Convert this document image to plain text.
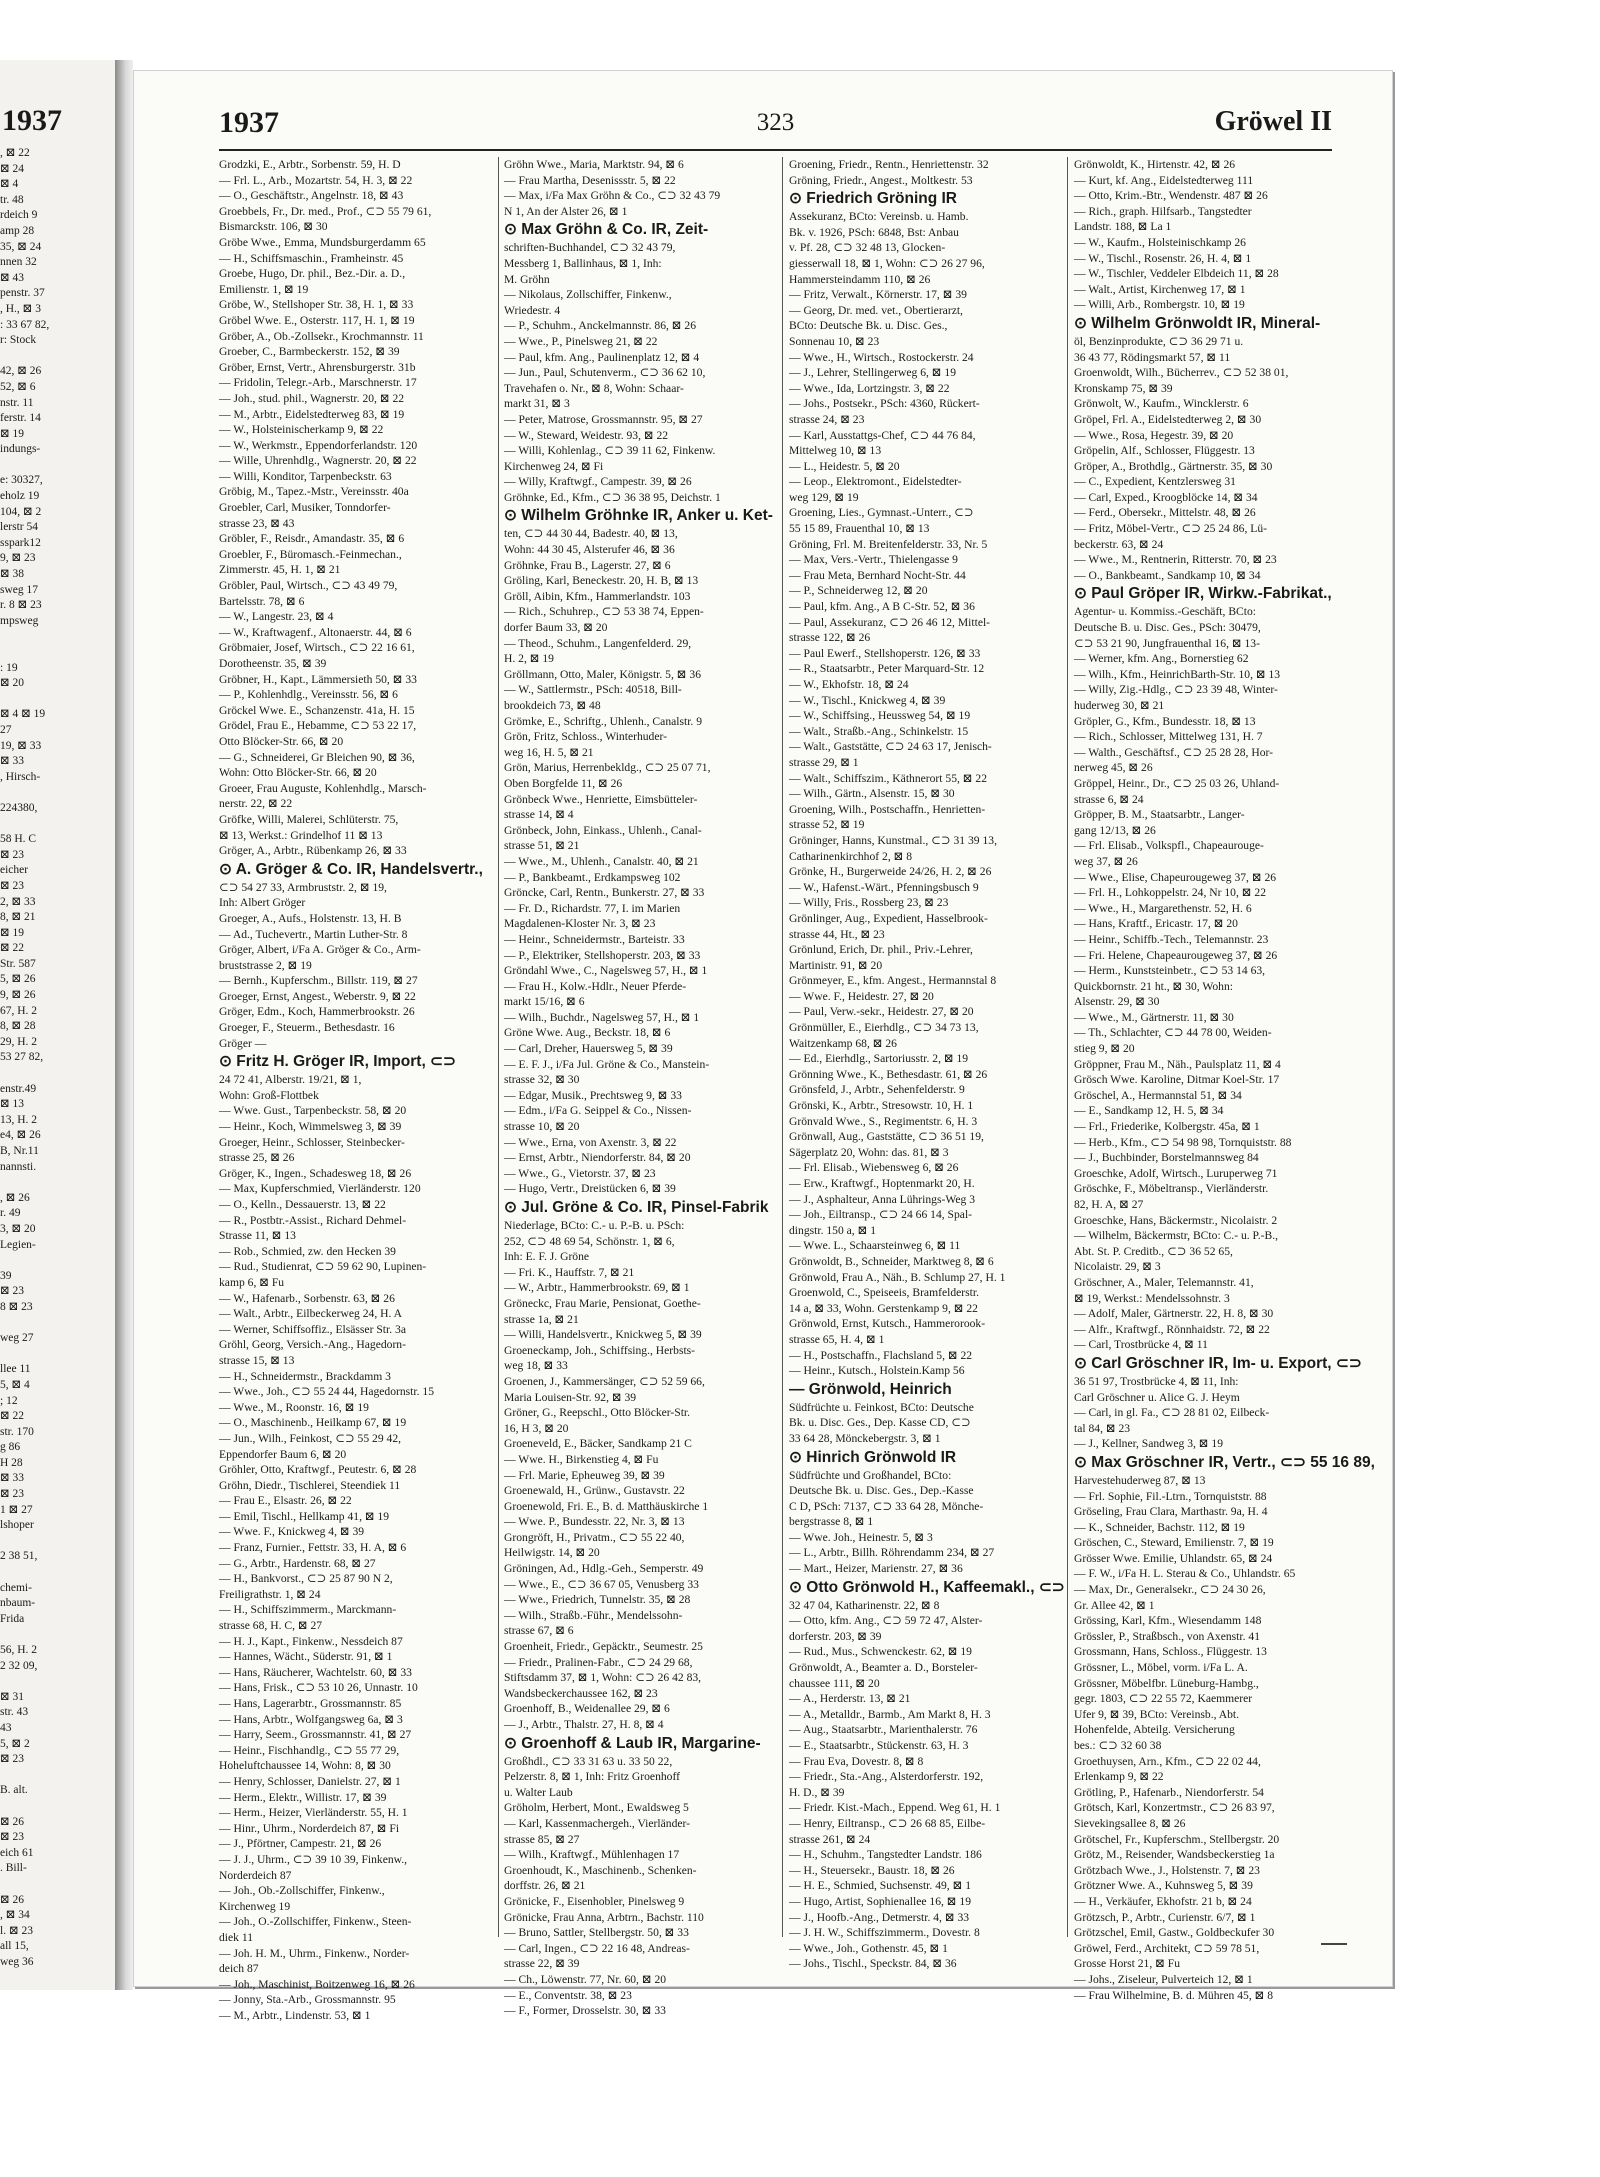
1937
, ⊠ 22
⊠ 24
⊠ 4
tr. 48
rdeich 9
amp 28
35, ⊠ 24
nnen 32
⊠ 43
penstr. 37
, H., ⊠ 3
: 33 67 82,
r: Stock

42, ⊠ 26
52, ⊠ 6
nstr. 11
ferstr. 14
⊠ 19
indungs-

e: 30327,
eholz 19
104, ⊠ 2
lerstr 54
sspark12
9, ⊠ 23
⊠ 38
sweg 17
r. 8 ⊠ 23
mpsweg

: 19
⊠ 20

⊠ 4 ⊠ 19
27
19, ⊠ 33
⊠ 33
, Hirsch-

224380,

58 H. C
⊠ 23
eicher
⊠ 23
2, ⊠ 33
8, ⊠ 21
⊠ 19
⊠ 22
Str. 587
5, ⊠ 26
9, ⊠ 26
67, H. 2
8, ⊠ 28
29, H. 2
53 27 82,

enstr.49
⊠ 13
13, H. 2
e4, ⊠ 26
B, Nr.11
nannsti.

, ⊠ 26
r. 49
3, ⊠ 20
Legien-

39
⊠ 23
8 ⊠ 23

weg 27

llee 11
5, ⊠ 4
; 12
⊠ 22
str. 170
g 86
H 28
⊠ 33
⊠ 23
1 ⊠ 27
lshoper

2 38 51,

chemi-
nbaum-
Frida

56, H. 2
2 32 09,

⊠ 31
str. 43
43
5, ⊠ 2
⊠ 23

B. alt.

⊠ 26
⊠ 23
eich 61
. Bill-

⊠ 26
, ⊠ 34
l. ⊠ 23
all 15,
weg 36
1937	323	Gröwel II
Grodzki, E., Arbtr., Sorbenstr. 59, H. D
— Frl. L., Arb., Mozartstr. 54, H. 3, ⊠ 22
— O., Geschäftstr., Angelnstr. 18, ⊠ 43
Groebbels, Fr., Dr. med., Prof., ⊂⊃ 55 79 61,
Bismarckstr. 106, ⊠ 30
Gröbe Wwe., Emma, Mundsburgerdamm 65
— H., Schiffsmaschin., Framheinstr. 45
Groebe, Hugo, Dr. phil., Bez.-Dir. a. D.,
Emilienstr. 1, ⊠ 19
Gröbe, W., Stellshoper Str. 38, H. 1, ⊠ 33
Gröbel Wwe. E., Osterstr. 117, H. 1, ⊠ 19
Gröber, A., Ob.-Zollsekr., Krochmannstr. 11
Groeber, C., Barmbeckerstr. 152, ⊠ 39
Gröber, Ernst, Vertr., Ahrensburgerstr. 31b
— Fridolin, Telegr.-Arb., Marschnerstr. 17
— Joh., stud. phil., Wagnerstr. 20, ⊠ 22
— M., Arbtr., Eidelstedterweg 83, ⊠ 19
— W., Holsteinischerkamp 9, ⊠ 22
— W., Werkmstr., Eppendorferlandstr. 120
— Wille, Uhrenhdlg., Wagnerstr. 20, ⊠ 22
— Willi, Konditor, Tarpenbeckstr. 63
Gröbig, M., Tapez.-Mstr., Vereinsstr. 40a
Groebler, Carl, Musiker, Tonndorfer-
strasse 23, ⊠ 43
Gröbler, F., Reisdr., Amandastr. 35, ⊠ 6
Groebler, F., Büromasch.-Feinmechan.,
Zimmerstr. 45, H. 1, ⊠ 21
Gröbler, Paul, Wirtsch., ⊂⊃ 43 49 79,
Bartelsstr. 78, ⊠ 6
— W., Langestr. 23, ⊠ 4
— W., Kraftwagenf., Altonaerstr. 44, ⊠ 6
Gröbmaier, Josef, Wirtsch., ⊂⊃ 22 16 61,
Dorotheenstr. 35, ⊠ 39
Gröbner, H., Kapt., Lämmersieth 50, ⊠ 33
— P., Kohlenhdlg., Vereinsstr. 56, ⊠ 6
Gröckel Wwe. E., Schanzenstr. 41a, H. 15
Grödel, Frau E., Hebamme, ⊂⊃ 53 22 17,
Otto Blöcker-Str. 66, ⊠ 20
— G., Schneiderei, Gr Bleichen 90, ⊠ 36,
Wohn: Otto Blöcker-Str. 66, ⊠ 20
Groeer, Frau Auguste, Kohlenhdlg., Marsch-
nerstr. 22, ⊠ 22
Gröfke, Willi, Malerei, Schlüterstr. 75,
⊠ 13, Werkst.: Grindelhof 11 ⊠ 13
Gröger, A., Arbtr., Rübenkamp 26, ⊠ 33
⊙ A. Gröger & Co. IR, Handelsvertr.,
⊂⊃ 54 27 33, Armbruststr. 2, ⊠ 19,
Inh: Albert Gröger
Groeger, A., Aufs., Holstenstr. 13, H. B
— Ad., Tuchevertr., Martin Luther-Str. 8
Gröger, Albert, i/Fa A. Gröger & Co., Arm-
bruststrasse 2, ⊠ 19
— Bernh., Kupferschm., Billstr. 119, ⊠ 27
Groeger, Ernst, Angest., Weberstr. 9, ⊠ 22
Gröger, Edm., Koch, Hammerbrookstr. 26
Groeger, F., Steuerm., Bethesdastr. 16
Gröger —
⊙ Fritz H. Gröger IR, Import, ⊂⊃
24 72 41, Alberstr. 19/21, ⊠ 1,
Wohn: Groß-Flottbek
— Wwe. Gust., Tarpenbeckstr. 58, ⊠ 20
— Heinr., Koch, Wimmelsweg 3, ⊠ 39
Groeger, Heinr., Schlosser, Steinbecker-
strasse 25, ⊠ 26
Gröger, K., Ingen., Schadesweg 18, ⊠ 26
— Max, Kupferschmied, Vierländerstr. 120
— O., Kelln., Dessauerstr. 13, ⊠ 22
— R., Postbtr.-Assist., Richard Dehmel-
Strasse 11, ⊠ 13
— Rob., Schmied, zw. den Hecken 39
— Rud., Studienrat, ⊂⊃ 59 62 90, Lupinen-
kamp 6, ⊠ Fu
— W., Hafenarb., Sorbenstr. 63, ⊠ 26
— Walt., Arbtr., Eilbeckerweg 24, H. A
— Werner, Schiffsoffiz., Elsässer Str. 3a
Gröhl, Georg, Versich.-Ang., Hagedorn-
strasse 15, ⊠ 13
— H., Schneidermstr., Brackdamm 3
— Wwe., Joh., ⊂⊃ 55 24 44, Hagedornstr. 15
— Wwe., M., Roonstr. 16, ⊠ 19
— O., Maschinenb., Heilkamp 67, ⊠ 19
— Jun., Wilh., Feinkost, ⊂⊃ 55 29 42,
Eppendorfer Baum 6, ⊠ 20
Gröhler, Otto, Kraftwgf., Peutestr. 6, ⊠ 28
Gröhn, Diedr., Tischlerei, Steendiek 11
— Frau E., Elsastr. 26, ⊠ 22
— Emil, Tischl., Hellkamp 41, ⊠ 19
— Wwe. F., Knickweg 4, ⊠ 39
— Franz, Furnier., Fettstr. 33, H. A, ⊠ 6
— G., Arbtr., Hardenstr. 68, ⊠ 27
— H., Bankvorst., ⊂⊃ 25 87 90 N 2,
Freiligrathstr. 1, ⊠ 24
— H., Schiffszimmerm., Marckmann-
strasse 68, H. C, ⊠ 27
— H. J., Kapt., Finkenw., Nessdeich 87
— Hannes, Wächt., Süderstr. 91, ⊠ 1
— Hans, Räucherer, Wachtelstr. 60, ⊠ 33
— Hans, Frisk., ⊂⊃ 53 10 26, Unnastr. 10
— Hans, Lagerarbtr., Grossmannstr. 85
— Hans, Arbtr., Wolfgangsweg 6a, ⊠ 3
— Harry, Seem., Grossmannstr. 41, ⊠ 27
— Heinr., Fischhandlg., ⊂⊃ 55 77 29,
Hoheluftchaussee 14, Wohn: 8, ⊠ 30
— Henry, Schlosser, Danielstr. 27, ⊠ 1
— Herm., Elektr., Willistr. 17, ⊠ 39
— Herm., Heizer, Vierländerstr. 55, H. 1
— Hinr., Uhrm., Norderdeich 87, ⊠ Fi
— J., Pförtner, Campestr. 21, ⊠ 26
— J. J., Uhrm., ⊂⊃ 39 10 39, Finkenw.,
Norderdeich 87
— Joh., Ob.-Zollschiffer, Finkenw.,
Kirchenweg 19
— Joh., O.-Zollschiffer, Finkenw., Steen-
diek 11
— Joh. H. M., Uhrm., Finkenw., Norder-
deich 87
— Joh., Maschinist, Boitzenweg 16, ⊠ 26
— Jonny, Sta.-Arb., Grossmannstr. 95
— M., Arbtr., Lindenstr. 53, ⊠ 1
Gröhn Wwe., Maria, Marktstr. 94, ⊠ 6
— Frau Martha, Desenissstr. 5, ⊠ 22
— Max, i/Fa Max Gröhn & Co., ⊂⊃ 32 43 79
N 1, An der Alster 26, ⊠ 1
⊙ Max Gröhn & Co. IR, Zeit-
schriften-Buchhandel, ⊂⊃ 32 43 79,
Messberg 1, Ballinhaus, ⊠ 1, Inh:
M. Gröhn
— Nikolaus, Zollschiffer, Finkenw.,
Wriedestr. 4
— P., Schuhm., Anckelmannstr. 86, ⊠ 26
— Wwe., P., Pinelsweg 21, ⊠ 22
— Paul, kfm. Ang., Paulinenplatz 12, ⊠ 4
— Jun., Paul, Schutenverm., ⊂⊃ 36 62 10,
Travehafen o. Nr., ⊠ 8, Wohn: Schaar-
markt 31, ⊠ 3
— Peter, Matrose, Grossmannstr. 95, ⊠ 27
— W., Steward, Weidestr. 93, ⊠ 22
— Willi, Kohlenlag., ⊂⊃ 39 11 62, Finkenw.
Kirchenweg 24, ⊠ Fi
— Willy, Kraftwgf., Campestr. 39, ⊠ 26
Gröhnke, Ed., Kfm., ⊂⊃ 36 38 95, Deichstr. 1
⊙ Wilhelm Gröhnke IR, Anker u. Ket-
ten, ⊂⊃ 44 30 44, Badestr. 40, ⊠ 13,
Wohn: 44 30 45, Alsterufer 46, ⊠ 36
Gröhnke, Frau B., Lagerstr. 27, ⊠ 6
Gröling, Karl, Beneckestr. 20, H. B, ⊠ 13
Gröll, Aibin, Kfm., Hammerlandstr. 103
— Rich., Schuhrep., ⊂⊃ 53 38 74, Eppen-
dorfer Baum 33, ⊠ 20
— Theod., Schuhm., Langenfelderd. 29,
H. 2, ⊠ 19
Gröllmann, Otto, Maler, Königstr. 5, ⊠ 36
— W., Sattlermstr., PSch: 40518, Bill-
brookdeich 73, ⊠ 48
Grömke, E., Schriftg., Uhlenh., Canalstr. 9
Grön, Fritz, Schloss., Winterhuder-
weg 16, H. 5, ⊠ 21
Grön, Marius, Herrenbekldg., ⊂⊃ 25 07 71,
Oben Borgfelde 11, ⊠ 26
Grönbeck Wwe., Henriette, Eimsbütteler-
strasse 14, ⊠ 4
Grönbeck, John, Einkass., Uhlenh., Canal-
strasse 51, ⊠ 21
— Wwe., M., Uhlenh., Canalstr. 40, ⊠ 21
— P., Bankbeamt., Erdkampsweg 102
Gröncke, Carl, Rentn., Bunkerstr. 27, ⊠ 33
— Fr. D., Richardstr. 77, I. im Marien
Magdalenen-Kloster Nr. 3, ⊠ 23
— Heinr., Schneidermstr., Barteistr. 33
— P., Elektriker, Stellshoperstr. 203, ⊠ 33
Gröndahl Wwe., C., Nagelsweg 57, H., ⊠ 1
— Frau H., Kolw.-Hdlr., Neuer Pferde-
markt 15/16, ⊠ 6
— Wilh., Buchdr., Nagelsweg 57, H., ⊠ 1
Gröne Wwe. Aug., Beckstr. 18, ⊠ 6
— Carl, Dreher, Hauersweg 5, ⊠ 39
— E. F. J., i/Fa Jul. Gröne & Co., Manstein-
strasse 32, ⊠ 30
— Edgar, Musik., Prechtsweg 9, ⊠ 33
— Edm., i/Fa G. Seippel & Co., Nissen-
strasse 10, ⊠ 20
— Wwe., Erna, von Axenstr. 3, ⊠ 22
— Ernst, Arbtr., Niendorferstr. 84, ⊠ 20
— Wwe., G., Vietorstr. 37, ⊠ 23
— Hugo, Vertr., Dreistücken 6, ⊠ 39
⊙ Jul. Gröne & Co. IR, Pinsel-Fabrik
Niederlage, BCto: C.- u. P.-B. u. PSch:
252, ⊂⊃ 48 69 54, Schönstr. 1, ⊠ 6,
Inh: E. F. J. Gröne
— Fri. K., Hauffstr. 7, ⊠ 21
— W., Arbtr., Hammerbrookstr. 69, ⊠ 1
Gröneckc, Frau Marie, Pensionat, Goethe-
strasse 1a, ⊠ 21
— Willi, Handelsvertr., Knickweg 5, ⊠ 39
Groeneckamp, Joh., Schiffsing., Herbsts-
weg 18, ⊠ 33
Groenen, J., Kammersänger, ⊂⊃ 52 59 66,
Maria Louisen-Str. 92, ⊠ 39
Gröner, G., Reepschl., Otto Blöcker-Str.
16, H 3, ⊠ 20
Groeneveld, E., Bäcker, Sandkamp 21 C
— Wwe. H., Birkenstieg 4, ⊠ Fu
— Frl. Marie, Epheuweg 39, ⊠ 39
Groenewald, H., Grünw., Gustavstr. 22
Groenewold, Fri. E., B. d. Matthäuskirche 1
— Wwe. P., Bundesstr. 22, Nr. 3, ⊠ 13
Grongröft, H., Privatm., ⊂⊃ 55 22 40,
Heilwigstr. 14, ⊠ 20
Gröningen, Ad., Hdlg.-Geh., Semperstr. 49
— Wwe., E., ⊂⊃ 36 67 05, Venusberg 33
— Wwe., Friedrich, Tunnelstr. 35, ⊠ 28
— Wilh., Straßb.-Führ., Mendelssohn-
strasse 67, ⊠ 6
Groenheit, Friedr., Gepäcktr., Seumestr. 25
— Friedr., Pralinen-Fabr., ⊂⊃ 24 29 68,
Stiftsdamm 37, ⊠ 1, Wohn: ⊂⊃ 26 42 83,
Wandsbeckerchaussee 162, ⊠ 23
Groenhoff, B., Weidenallee 29, ⊠ 6
— J., Arbtr., Thalstr. 27, H. 8, ⊠ 4
⊙ Groenhoff & Laub IR, Margarine-
Großhdl., ⊂⊃ 33 31 63 u. 33 50 22,
Pelzerstr. 8, ⊠ 1, Inh: Fritz Groenhoff
u. Walter Laub
Gröholm, Herbert, Mont., Ewaldsweg 5
— Karl, Kassenmachergeh., Vierländer-
strasse 85, ⊠ 27
— Wilh., Kraftwgf., Mühlenhagen 17
Groenhoudt, K., Maschinenb., Schenken-
dorffstr. 26, ⊠ 21
Grönicke, F., Eisenhobler, Pinelsweg 9
Grönicke, Frau Anna, Arbtrn., Bachstr. 110
— Bruno, Sattler, Stellbergstr. 50, ⊠ 33
— Carl, Ingen., ⊂⊃ 22 16 48, Andreas-
strasse 22, ⊠ 39
— Ch., Löwenstr. 77, Nr. 60, ⊠ 20
— E., Conventstr. 38, ⊠ 23
— F., Former, Drosselstr. 30, ⊠ 33
Groening, Friedr., Rentn., Henriettenstr. 32
Gröning, Friedr., Angest., Moltkestr. 53
⊙ Friedrich Gröning IR
Assekuranz, BCto: Vereinsb. u. Hamb.
Bk. v. 1926, PSch: 6848, Bst: Anbau
v. Pf. 28, ⊂⊃ 32 48 13, Glocken-
giesserwall 18, ⊠ 1, Wohn: ⊂⊃ 26 27 96,
Hammersteindamm 110, ⊠ 26
— Fritz, Verwalt., Körnerstr. 17, ⊠ 39
— Georg, Dr. med. vet., Obertierarzt,
BCto: Deutsche Bk. u. Disc. Ges.,
Sonnenau 10, ⊠ 23
— Wwe., H., Wirtsch., Rostockerstr. 24
— J., Lehrer, Stellingerweg 6, ⊠ 19
— Wwe., Ida, Lortzingstr. 3, ⊠ 22
— Johs., Postsekr., PSch: 4360, Rückert-
strasse 24, ⊠ 23
— Karl, Ausstattgs-Chef, ⊂⊃ 44 76 84,
Mittelweg 10, ⊠ 13
— L., Heidestr. 5, ⊠ 20
— Leop., Elektromont., Eidelstedter-
weg 129, ⊠ 19
Groening, Lies., Gymnast.-Unterr., ⊂⊃
55 15 89, Frauenthal 10, ⊠ 13
Gröning, Frl. M. Breitenfelderstr. 33, Nr. 5
— Max, Vers.-Vertr., Thielengasse 9
— Frau Meta, Bernhard Nocht-Str. 44
— P., Schneiderweg 12, ⊠ 20
— Paul, kfm. Ang., A B C-Str. 52, ⊠ 36
— Paul, Assekuranz, ⊂⊃ 26 46 12, Mittel-
strasse 122, ⊠ 26
— Paul Ewerf., Stellshoperstr. 126, ⊠ 33
— R., Staatsarbtr., Peter Marquard-Str. 12
— W., Ekhofstr. 18, ⊠ 24
— W., Tischl., Knickweg 4, ⊠ 39
— W., Schiffsing., Heussweg 54, ⊠ 19
— Walt., Straßb.-Ang., Schinkelstr. 15
— Walt., Gaststätte, ⊂⊃ 24 63 17, Jenisch-
strasse 29, ⊠ 1
— Walt., Schiffszim., Käthnerort 55, ⊠ 22
— Wilh., Gärtn., Alsenstr. 15, ⊠ 30
Groening, Wilh., Postschaffn., Henrietten-
strasse 52, ⊠ 19
Gröninger, Hanns, Kunstmal., ⊂⊃ 31 39 13,
Catharinenkirchhof 2, ⊠ 8
Grönke, H., Burgerweide 24/26, H. 2, ⊠ 26
— W., Hafenst.-Wärt., Pfenningsbusch 9
— Willy, Fris., Rossberg 23, ⊠ 23
Grönlinger, Aug., Expedient, Hasselbrook-
strasse 44, Ht., ⊠ 23
Grönlund, Erich, Dr. phil., Priv.-Lehrer,
Martinistr. 91, ⊠ 20
Grönmeyer, E., kfm. Angest., Hermannstal 8
— Wwe. F., Heidestr. 27, ⊠ 20
— Paul, Verw.-sekr., Heidestr. 27, ⊠ 20
Grönmüller, E., Eierhdlg., ⊂⊃ 34 73 13,
Waitzenkamp 68, ⊠ 26
— Ed., Eierhdlg., Sartoriusstr. 2, ⊠ 19
Grönning Wwe., K., Bethesdastr. 61, ⊠ 26
Grönsfeld, J., Arbtr., Sehenfelderstr. 9
Grönski, K., Arbtr., Stresowstr. 10, H. 1
Grönvald Wwe., S., Regimentstr. 6, H. 3
Grönwall, Aug., Gaststätte, ⊂⊃ 36 51 19,
Sägerplatz 20, Wohn: das. 81, ⊠ 3
— Frl. Elisab., Wiebensweg 6, ⊠ 26
— Erw., Kraftwgf., Hoptenmarkt 20, H.
— J., Asphalteur, Anna Lührings-Weg 3
— Joh., Eiltransp., ⊂⊃ 24 66 14, Spal-
dingstr. 150 a, ⊠ 1
— Wwe. L., Schaarsteinweg 6, ⊠ 11
Grönwoldt, B., Schneider, Marktweg 8, ⊠ 6
Grönwold, Frau A., Näh., B. Schlump 27, H. 1
Groenwold, C., Speiseeis, Bramfelderstr.
14 a, ⊠ 33, Wohn. Gerstenkamp 9, ⊠ 22
Grönwold, Ernst, Kutsch., Hammerorook-
strasse 65, H. 4, ⊠ 1
— H., Postschaffn., Flachsland 5, ⊠ 22
— Heinr., Kutsch., Holstein.Kamp 56
— Grönwold, Heinrich
Südfrüchte u. Feinkost, BCto: Deutsche
Bk. u. Disc. Ges., Dep. Kasse CD, ⊂⊃
33 64 28, Mönckebergstr. 3, ⊠ 1
⊙ Hinrich Grönwold IR
Südfrüchte und Großhandel, BCto:
Deutsche Bk. u. Disc. Ges., Dep.-Kasse
C D, PSch: 7137, ⊂⊃ 33 64 28, Mönche-
bergstrasse 8, ⊠ 1
— Wwe. Joh., Heinestr. 5, ⊠ 3
— L., Arbtr., Billh. Röhrendamm 234, ⊠ 27
— Mart., Heizer, Marienstr. 27, ⊠ 36
⊙ Otto Grönwold H., Kaffeemakl., ⊂⊃
32 47 04, Katharinenstr. 22, ⊠ 8
— Otto, kfm. Ang., ⊂⊃ 59 72 47, Alster-
dorferstr. 203, ⊠ 39
— Rud., Mus., Schwenckestr. 62, ⊠ 19
Grönwoldt, A., Beamter a. D., Borsteler-
chaussee 111, ⊠ 20
— A., Herderstr. 13, ⊠ 21
— A., Metalldr., Barmb., Am Markt 8, H. 3
— Aug., Staatsarbtr., Marienthalerstr. 76
— E., Staatsarbtr., Stückenstr. 63, H. 3
— Frau Eva, Dovestr. 8, ⊠ 8
— Friedr., Sta.-Ang., Alsterdorferstr. 192,
H. D., ⊠ 39
— Friedr. Kist.-Mach., Eppend. Weg 61, H. 1
— Henry, Eiltransp., ⊂⊃ 26 68 85, Eilbe-
strasse 261, ⊠ 24
— H., Schuhm., Tangstedter Landstr. 186
— H., Steuersekr., Baustr. 18, ⊠ 26
— H. E., Schmied, Suchsenstr. 49, ⊠ 1
— Hugo, Artist, Sophienallee 16, ⊠ 19
— J., Hoofb.-Ang., Detmerstr. 4, ⊠ 33
— J. H. W., Schiffszimmerm., Dovestr. 8
— Wwe., Joh., Gothenstr. 45, ⊠ 1
— Johs., Tischl., Speckstr. 84, ⊠ 36
Grönwoldt, K., Hirtenstr. 42, ⊠ 26
— Kurt, kf. Ang., Eidelstedterweg 111
— Otto, Krim.-Btr., Wendenstr. 487 ⊠ 26
— Rich., graph. Hilfsarb., Tangstedter
Landstr. 188, ⊠ La 1
— W., Kaufm., Holsteinischkamp 26
— W., Tischl., Rosenstr. 26, H. 4, ⊠ 1
— W., Tischler, Veddeler Elbdeich 11, ⊠ 28
— Walt., Artist, Kirchenweg 17, ⊠ 1
— Willi, Arb., Rombergstr. 10, ⊠ 19
⊙ Wilhelm Grönwoldt IR, Mineral-
öl, Benzinprodukte, ⊂⊃ 36 29 71 u.
36 43 77, Rödingsmarkt 57, ⊠ 11
Groenwoldt, Wilh., Bücherrev., ⊂⊃ 52 38 01,
Kronskamp 75, ⊠ 39
Grönwolt, W., Kaufm., Wincklerstr. 6
Gröpel, Frl. A., Eidelstedterweg 2, ⊠ 30
— Wwe., Rosa, Hegestr. 39, ⊠ 20
Gröpelin, Alf., Schlosser, Flüggestr. 13
Gröper, A., Brothdlg., Gärtnerstr. 35, ⊠ 30
— C., Expedient, Kentzlersweg 31
— Carl, Exped., Kroogblöcke 14, ⊠ 34
— Ferd., Obersekr., Mittelstr. 48, ⊠ 26
— Fritz, Möbel-Vertr., ⊂⊃ 25 24 86, Lü-
beckerstr. 63, ⊠ 24
— Wwe., M., Rentnerin, Ritterstr. 70, ⊠ 23
— O., Bankbeamt., Sandkamp 10, ⊠ 34
⊙ Paul Gröper IR, Wirkw.-Fabrikat.,
Agentur- u. Kommiss.-Geschäft, BCto:
Deutsche B. u. Disc. Ges., PSch: 30479,
⊂⊃ 53 21 90, Jungfrauenthal 16, ⊠ 13-
— Werner, kfm. Ang., Bornerstieg 62
— Wilh., Kfm., HeinrichBarth-Str. 10, ⊠ 13
— Willy, Zig.-Hdlg., ⊂⊃ 23 39 48, Winter-
huderweg 30, ⊠ 21
Gröpler, G., Kfm., Bundesstr. 18, ⊠ 13
— Rich., Schlosser, Mittelweg 131, H. 7
— Walth., Geschäftsf., ⊂⊃ 25 28 28, Hor-
nerweg 45, ⊠ 26
Gröppel, Heinr., Dr., ⊂⊃ 25 03 26, Uhland-
strasse 6, ⊠ 24
Gröpper, B. M., Staatsarbtr., Langer-
gang 12/13, ⊠ 26
— Frl. Elisab., Volkspfl., Chapeaurouge-
weg 37, ⊠ 26
— Wwe., Elise, Chapeurougeweg 37, ⊠ 26
— Frl. H., Lohkoppelstr. 24, Nr 10, ⊠ 22
— Wwe., H., Margarethenstr. 52, H. 6
— Hans, Kraftf., Ericastr. 17, ⊠ 20
— Heinr., Schiffb.-Tech., Telemannstr. 23
— Fri. Helene, Chapeaurougeweg 37, ⊠ 26
— Herm., Kunststeinbetr., ⊂⊃ 53 14 63,
Quickbornstr. 21 ht., ⊠ 30, Wohn:
Alsenstr. 29, ⊠ 30
— Wwe., M., Gärtnerstr. 11, ⊠ 30
— Th., Schlachter, ⊂⊃ 44 78 00, Weiden-
stieg 9, ⊠ 20
Gröppner, Frau M., Näh., Paulsplatz 11, ⊠ 4
Grösch Wwe. Karoline, Ditmar Koel-Str. 17
Gröschel, A., Hermannstal 51, ⊠ 34
— E., Sandkamp 12, H. 5, ⊠ 34
— Frl., Friederike, Kolbergstr. 45a, ⊠ 1
— Herb., Kfm., ⊂⊃ 54 98 98, Tornquiststr. 88
— J., Buchbinder, Borstelmannsweg 84
Groeschke, Adolf, Wirtsch., Luruperweg 71
Gröschke, F., Möbeltransp., Vierländerstr.
82, H. A, ⊠ 27
Groeschke, Hans, Bäckermstr., Nicolaistr. 2
— Wilhelm, Bäckermstr, BCto: C.- u. P.-B.,
Abt. St. P. Creditb., ⊂⊃ 36 52 65,
Nicolaistr. 29, ⊠ 3
Gröschner, A., Maler, Telemannstr. 41,
⊠ 19, Werkst.: Mendelssohnstr. 3
— Adolf, Maler, Gärtnerstr. 22, H. 8, ⊠ 30
— Alfr., Kraftwgf., Rönnhaidstr. 72, ⊠ 22
— Carl, Trostbrücke 4, ⊠ 11
⊙ Carl Gröschner IR, Im- u. Export, ⊂⊃
36 51 97, Trostbrücke 4, ⊠ 11, Inh:
Carl Gröschner u. Alice G. J. Heym
— Carl, in gl. Fa., ⊂⊃ 28 81 02, Eilbeck-
tal 84, ⊠ 23
— J., Kellner, Sandweg 3, ⊠ 19
⊙ Max Gröschner IR, Vertr., ⊂⊃ 55 16 89,
Harvestehuderweg 87, ⊠ 13
— Frl. Sophie, Fil.-Ltrn., Tornquiststr. 88
Gröseling, Frau Clara, Marthastr. 9a, H. 4
— K., Schneider, Bachstr. 112, ⊠ 19
Gröschen, C., Steward, Emilienstr. 7, ⊠ 19
Grösser Wwe. Emilie, Uhlandstr. 65, ⊠ 24
— F. W., i/Fa H. L. Sterau & Co., Uhlandstr. 65
— Max, Dr., Generalsekr., ⊂⊃ 24 30 26,
Gr. Allee 42, ⊠ 1
Grössing, Karl, Kfm., Wiesendamm 148
Grössler, P., Straßbsch., von Axenstr. 41
Grossmann, Hans, Schloss., Flüggestr. 13
Grössner, L., Möbel, vorm. i/Fa L. A.
Grössner, Möbelfbr. Lüneburg-Hambg.,
gegr. 1803, ⊂⊃ 22 55 72, Kaemmerer
Ufer 9, ⊠ 39, BCto: Vereinsb., Abt.
Hohenfelde, Abteilg. Versicherung
bes.: ⊂⊃ 32 60 38
Groethuysen, Arn., Kfm., ⊂⊃ 22 02 44,
Erlenkamp 9, ⊠ 22
Grötling, P., Hafenarb., Niendorferstr. 54
Grötsch, Karl, Konzertmstr., ⊂⊃ 26 83 97,
Sievekingsallee 8, ⊠ 26
Grötschel, Fr., Kupferschm., Stellbergstr. 20
Grötz, M., Reisender, Wandsbeckerstieg 1a
Grötzbach Wwe., J., Holstenstr. 7, ⊠ 23
Grötzner Wwe. A., Kuhnsweg 5, ⊠ 39
— H., Verkäufer, Ekhofstr. 21 b, ⊠ 24
Grötzsch, P., Arbtr., Curienstr. 6/7, ⊠ 1
Grötzschel, Emil, Gastw., Goldbeckufer 30
Gröwel, Ferd., Architekt, ⊂⊃ 59 78 51,
Grosse Horst 21, ⊠ Fu
— Johs., Ziseleur, Pulverteich 12, ⊠ 1
— Frau Wilhelmine, B. d. Mühren 45, ⊠ 8
